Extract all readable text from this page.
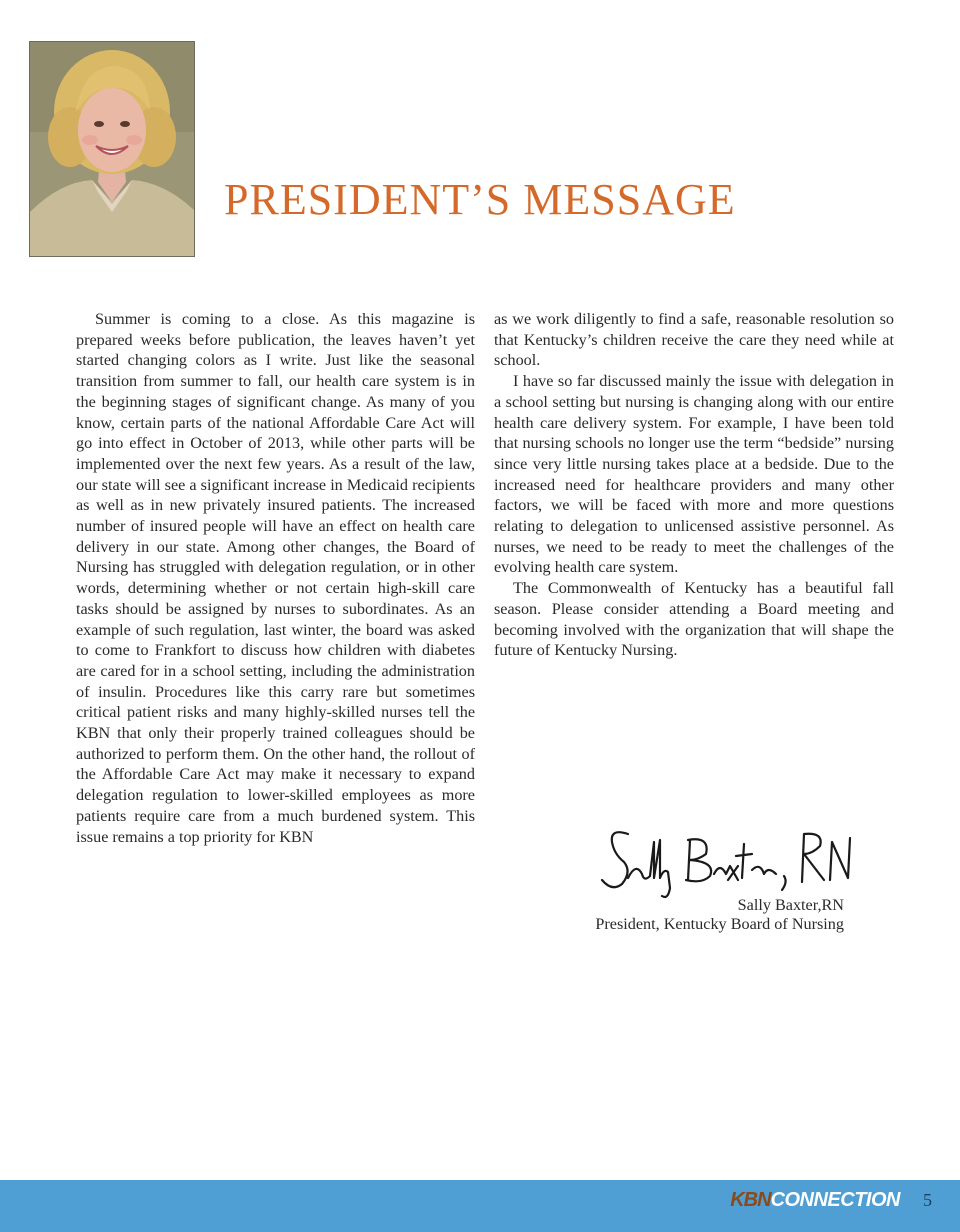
PRESIDENT’S MESSAGE

Summer is coming to a close. As this magazine is prepared weeks before publication, the leaves haven’t yet started changing colors as I write. Just like the seasonal transition from summer to fall, our health care system is in the beginning stages of significant change. As many of you know, certain parts of the national Affordable Care Act will go into effect in October of 2013, while other parts will be implemented over the next few years. As a result of the law, our state will see a significant increase in Medicaid recipients as well as in new privately insured patients. The increased number of insured people will have an effect on health care delivery in our state. Among other changes, the Board of Nursing has struggled with delegation regulation, or in other words, determining whether or not certain high-skill care tasks should be assigned by nurses to subordinates. As an example of such regulation, last winter, the board was asked to come to Frankfort to discuss how children with diabetes are cared for in a school setting, including the administration of insulin. Procedures like this carry rare but sometimes critical patient risks and many highly-skilled nurses tell the KBN that only their properly trained colleagues should be authorized to perform them. On the other hand, the rollout of the Affordable Care Act may make it necessary to expand delegation regulation to lower-skilled employees as more patients require care from a much burdened system. This issue remains a top priority for KBN

as we work diligently to find a safe, reasonable resolution so that Kentucky’s children receive the care they need while at school.

I have so far discussed mainly the issue with delegation in a school setting but nursing is changing along with our entire health care delivery system. For example, I have been told that nursing schools no longer use the term “bedside” nursing since very little nursing takes place at a bedside. Due to the increased need for healthcare providers and many other factors, we will be faced with more and more questions relating to delegation to unlicensed assistive personnel. As nurses, we need to be ready to meet the challenges of the evolving health care system.

The Commonwealth of Kentucky has a beautiful fall season. Please consider attending a Board meeting and becoming involved with the organization that will shape the future of Kentucky Nursing.

Sally Baxter,RN
President, Kentucky Board of Nursing
KBNCONNECTION 5
